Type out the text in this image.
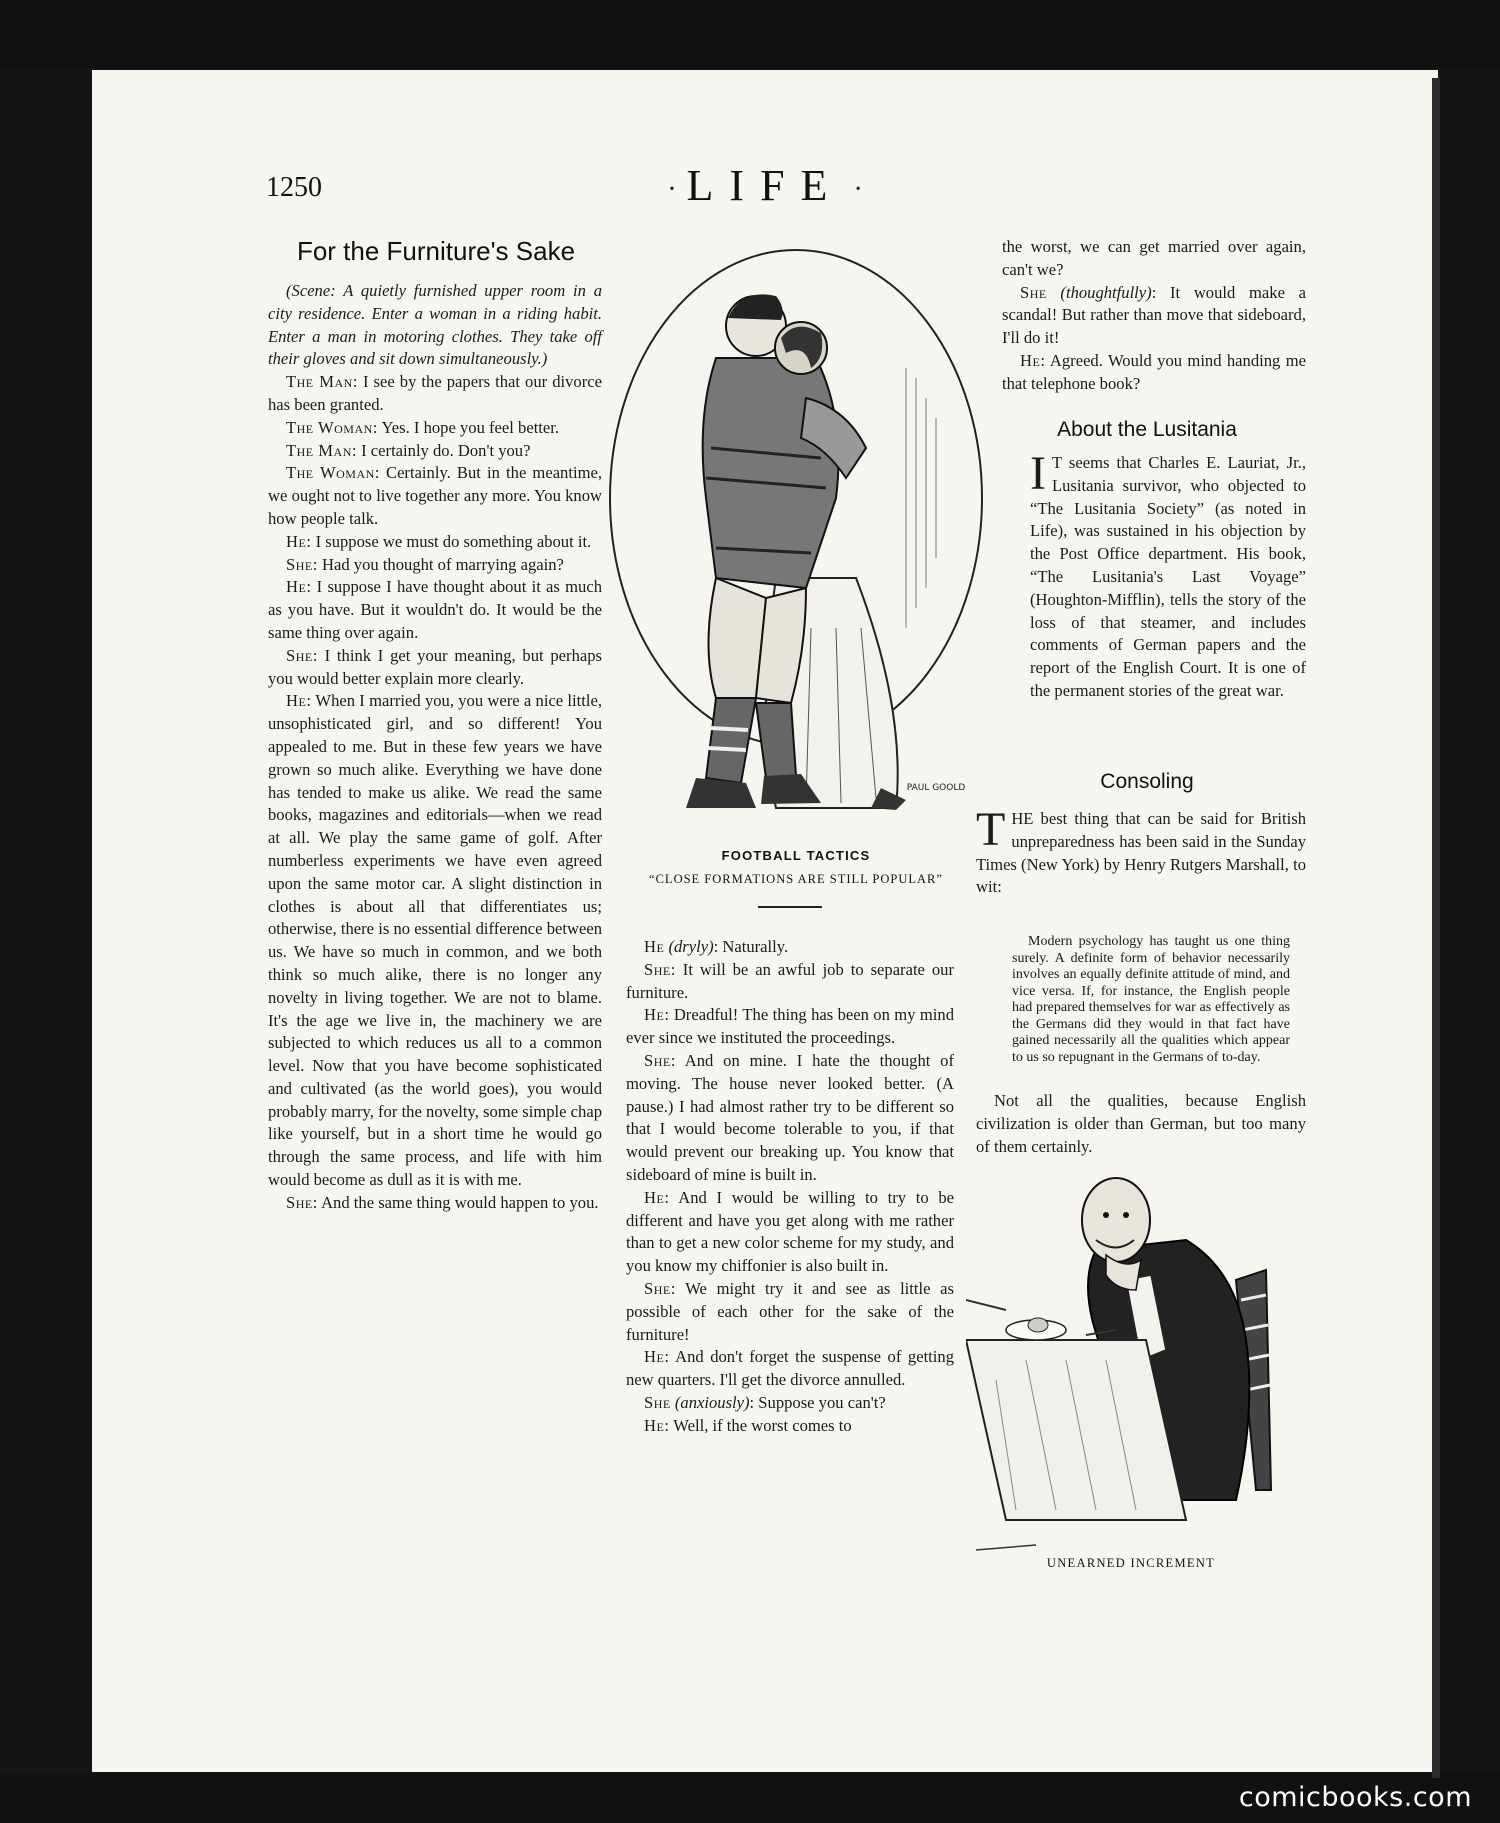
1250	· LIFE ·
For the Furniture's Sake

(Scene: A quietly furnished upper room in a city residence. Enter a woman in a riding habit. Enter a man in motoring clothes. They take off their gloves and sit down simultaneously.)

The Man: I see by the papers that our divorce has been granted.

The Woman: Yes. I hope you feel better.

The Man: I certainly do. Don't you?

The Woman: Certainly. But in the meantime, we ought not to live together any more. You know how people talk.

He: I suppose we must do something about it.

She: Had you thought of marrying again?

He: I suppose I have thought about it as much as you have. But it wouldn't do. It would be the same thing over again.

She: I think I get your meaning, but perhaps you would better explain more clearly.

He: When I married you, you were a nice little, unsophisticated girl, and so different! You appealed to me. But in these few years we have grown so much alike. Everything we have done has tended to make us alike. We read the same books, magazines and editorials—when we read at all. We play the same game of golf. After numberless experiments we have even agreed upon the same motor car. A slight distinction in clothes is about all that differentiates us; otherwise, there is no essential difference between us. We have so much in common, and we both think so much alike, there is no longer any novelty in living together. We are not to blame. It's the age we live in, the machinery we are subjected to which reduces us all to a common level. Now that you have become sophisticated and cultivated (as the world goes), you would probably marry, for the novelty, some simple chap like yourself, but in a short time he would go through the same process, and life with him would become as dull as it is with me.

She: And the same thing would happen to you.

PAUL GOOLD
FOOTBALL TACTICS
“CLOSE FORMATIONS ARE STILL POPULAR”

He (dryly): Naturally.

She: It will be an awful job to separate our furniture.

He: Dreadful! The thing has been on my mind ever since we instituted the proceedings.

She: And on mine. I hate the thought of moving. The house never looked better. (A pause.) I had almost rather try to be different so that I would become tolerable to you, if that would prevent our breaking up. You know that sideboard of mine is built in.

He: And I would be willing to try to be different and have you get along with me rather than to get a new color scheme for my study, and you know my chiffonier is also built in.

She: We might try it and see as little as possible of each other for the sake of the furniture!

He: And don't forget the suspense of getting new quarters. I'll get the divorce annulled.

She (anxiously): Suppose you can't?

He: Well, if the worst comes to

the worst, we can get married over again, can't we?

She (thoughtfully): It would make a scandal! But rather than move that sideboard, I'll do it!

He: Agreed. Would you mind handing me that telephone book?

About the Lusitania

I T seems that Charles E. Lauriat, Jr., Lusitania survivor, who objected to “The Lusitania Society” (as noted in Life), was sustained in his objection by the Post Office department. His book, “The Lusitania's Last Voyage” (Houghton-Mifflin), tells the story of the loss of that steamer, and includes comments of German papers and the report of the English Court. It is one of the permanent stories of the great war.

Consoling

THE best thing that can be said for British unpreparedness has been said in the Sunday Times (New York) by Henry Rutgers Marshall, to wit:

Modern psychology has taught us one thing surely. A definite form of behavior necessarily involves an equally definite attitude of mind, and vice versa. If, for instance, the English people had prepared themselves for war as effectively as the Germans did they would in that fact have gained necessarily all the qualities which appear to us so repugnant in the Germans of to-day.

Not all the qualities, because English civilization is older than German, but too many of them certainly.

UNEARNED INCREMENT
comicbooks.com
